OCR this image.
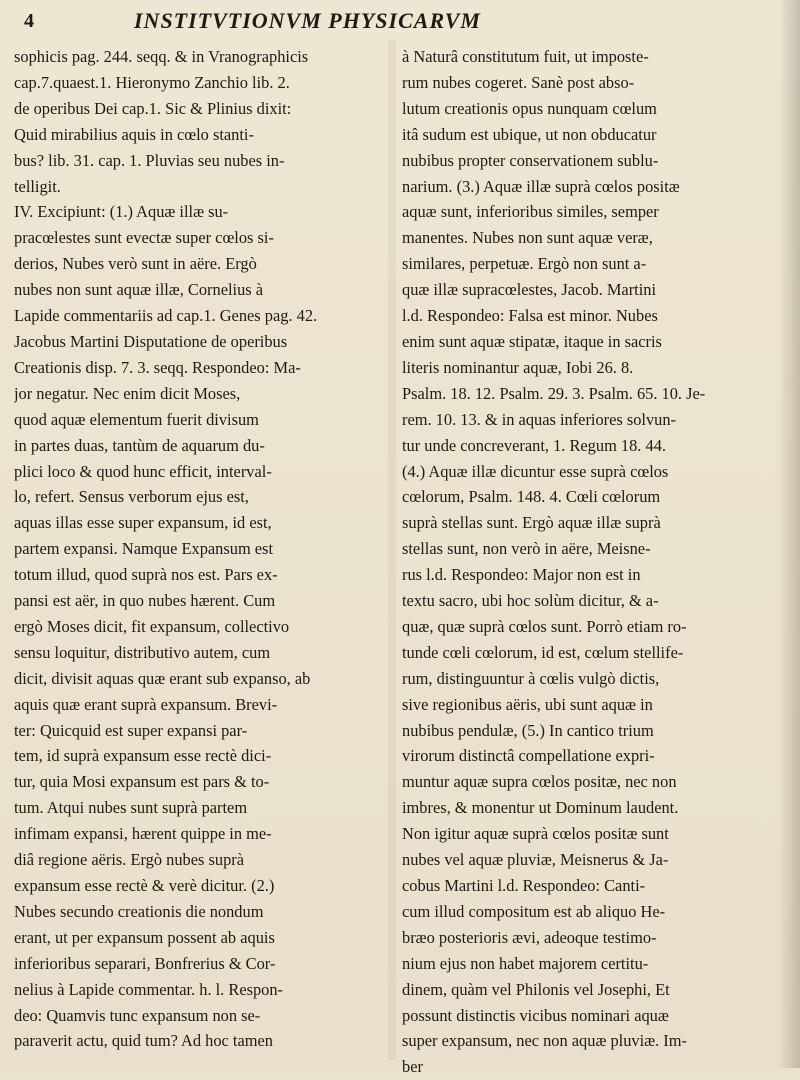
4	INSTITVTIONVM PHYSICARVM
sophicis pag. 244. seqq. & in Vranographicis
cap.7.quaest.1. Hieronymo Zanchio lib. 2.
de operibus Dei cap.1. Sic & Plinius dixit:
Quid mirabilius aquis in cœlo stanti-
bus? lib. 31. cap. 1. Pluvias seu nubes in-
telligit.
IV. Excipiunt: (1.) Aquæ illæ su-
pracœlestes sunt evectæ super cœlos si-
derios, Nubes verò sunt in aëre. Ergò
nubes non sunt aquæ illæ, Cornelius à
Lapide commentariis ad cap.1. Genes pag. 42.
Jacobus Martini Disputatione de operibus
Creationis disp. 7. 3. seqq. Respondeo: Ma-
jor negatur. Nec enim dicit Moses,
quod aquæ elementum fuerit divisum
in partes duas, tantùm de aquarum du-
plici loco & quod hunc efficit, interval-
lo, refert. Sensus verborum ejus est,
aquas illas esse super expansum, id est,
partem expansi. Namque Expansum est
totum illud, quod suprà nos est. Pars ex-
pansi est aër, in quo nubes hærent. Cum
ergò Moses dicit, fit expansum, collectivo
sensu loquitur, distributivo autem, cum
dicit, divisit aquas quæ erant sub expanso, ab
aquis quæ erant suprà expansum. Brevi-
ter: Quicquid est super expansi par-
tem, id suprà expansum esse rectè dici-
tur, quia Mosi expansum est pars & to-
tum. Atqui nubes sunt suprà partem
infimam expansi, hærent quippe in me-
diâ regione aëris. Ergò nubes suprà
expansum esse rectè & verè dicitur. (2.)
Nubes secundo creationis die nondum
erant, ut per expansum possent ab aquis
inferioribus separari, Bonfrerius & Cor-
nelius à Lapide commentar. h. l. Respon-
deo: Quamvis tunc expansum non se-
paraverit actu, quid tum? Ad hoc tamen
à Naturâ constitutum fuit, ut imposte-
rum nubes cogeret. Sanè post abso-
lutum creationis opus nunquam cœlum
itâ sudum est ubique, ut non obducatur
nubibus propter conservationem sublu-
narium. (3.) Aquæ illæ suprà cœlos positæ
aquæ sunt, inferioribus similes, semper
manentes. Nubes non sunt aquæ veræ,
similares, perpetuæ. Ergò non sunt a-
quæ illæ supracœlestes, Jacob. Martini
l.d. Respondeo: Falsa est minor. Nubes
enim sunt aquæ stipatæ, itaque in sacris
literis nominantur aquæ, Iobi 26. 8.
Psalm. 18. 12. Psalm. 29. 3. Psalm. 65. 10. Je-
rem. 10. 13. & in aquas inferiores solvun-
tur unde concreverant, 1. Regum 18. 44.
(4.) Aquæ illæ dicuntur esse suprà cœlos
cœlorum, Psalm. 148. 4. Cœli cœlorum
suprà stellas sunt. Ergò aquæ illæ suprà
stellas sunt, non verò in aëre, Meisne-
rus l.d. Respondeo: Major non est in
textu sacro, ubi hoc solùm dicitur, & a-
quæ, quæ suprà cœlos sunt. Porrò etiam ro-
tunde cœli cœlorum, id est, cœlum stellife-
rum, distinguuntur à cœlis vulgò dictis,
sive regionibus aëris, ubi sunt aquæ in
nubibus pendulæ, (5.) In cantico trium
virorum distinctâ compellatione expri-
muntur aquæ supra cœlos positæ, nec non
imbres, & monentur ut Dominum laudent.
Non igitur aquæ suprà cœlos positæ sunt
nubes vel aquæ pluviæ, Meisnerus & Ja-
cobus Martini l.d. Respondeo: Canti-
cum illud compositum est ab aliquo He-
bræo posterioris ævi, adeoque testimo-
nium ejus non habet majorem certitu-
dinem, quàm vel Philonis vel Josephi, Et
possunt distinctis vicibus nominari aquæ
super expansum, nec non aquæ pluviæ. Im-
ber
